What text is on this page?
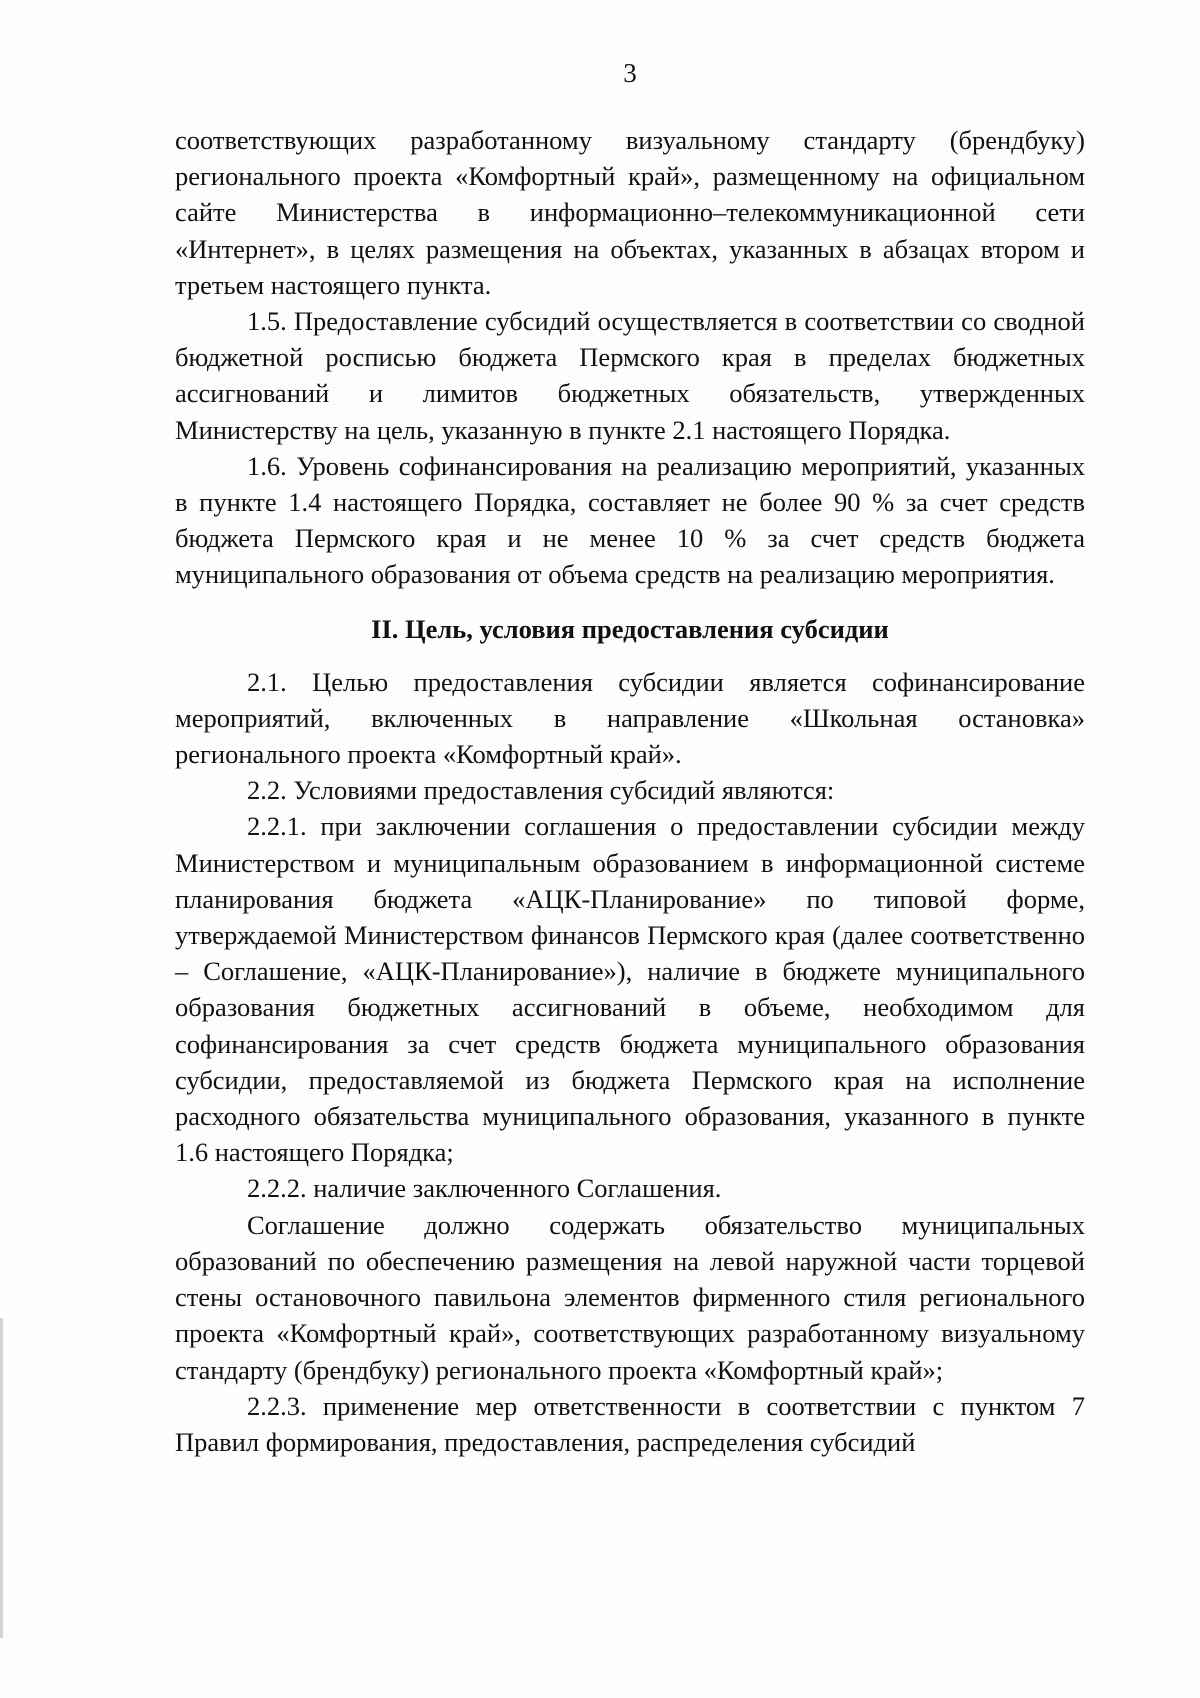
3

соответствующих разработанному визуальному стандарту (брендбуку) регионального проекта «Комфортный край», размещенному на официальном сайте Министерства в информационно–телекоммуникационной сети «Интернет», в целях размещения на объектах, указанных в абзацах втором и третьем настоящего пункта.

1.5. Предоставление субсидий осуществляется в соответствии со сводной бюджетной росписью бюджета Пермского края в пределах бюджетных ассигнований и лимитов бюджетных обязательств, утвержденных Министерству на цель, указанную в пункте 2.1 настоящего Порядка.

1.6. Уровень софинансирования на реализацию мероприятий, указанных в пункте 1.4 настоящего Порядка, составляет не более 90 % за счет средств бюджета Пермского края и не менее 10 % за счет средств бюджета муниципального образования от объема средств на реализацию мероприятия.

II. Цель, условия предоставления субсидии

2.1. Целью предоставления субсидии является софинансирование мероприятий, включенных в направление «Школьная остановка» регионального проекта «Комфортный край».

2.2. Условиями предоставления субсидий являются:

2.2.1. при заключении соглашения о предоставлении субсидии между Министерством и муниципальным образованием в информационной системе планирования бюджета «АЦК-Планирование» по типовой форме, утверждаемой Министерством финансов Пермского края (далее соответственно – Соглашение, «АЦК-Планирование»), наличие в бюджете муниципального образования бюджетных ассигнований в объеме, необходимом для софинансирования за счет средств бюджета муниципального образования субсидии, предоставляемой из бюджета Пермского края на исполнение расходного обязательства муниципального образования, указанного в пункте 1.6 настоящего Порядка;

2.2.2. наличие заключенного Соглашения.

Соглашение должно содержать обязательство муниципальных образований по обеспечению размещения на левой наружной части торцевой стены остановочного павильона элементов фирменного стиля регионального проекта «Комфортный край», соответствующих разработанному визуальному стандарту (брендбуку) регионального проекта «Комфортный край»;

2.2.3. применение мер ответственности в соответствии с пунктом 7 Правил формирования, предоставления, распределения субсидий
